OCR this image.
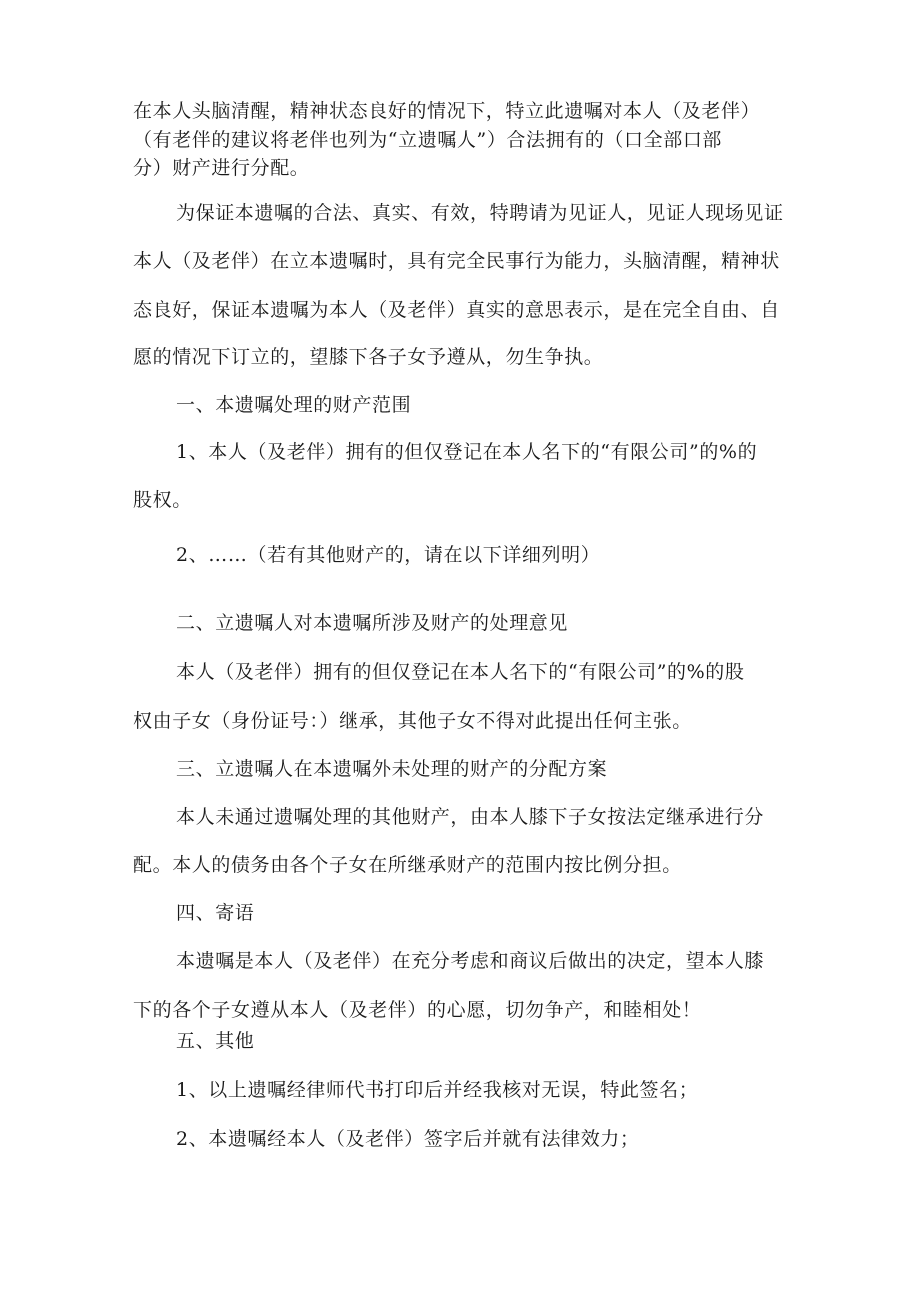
在本人头脑清醒，精神状态良好的情况下，特立此遗嘱对本人（及老伴）
（有老伴的建议将老伴也列为“立遗嘱人”）合法拥有的（口全部口部
分）财产进行分配。
为保证本遗嘱的合法、真实、有效，特聘请为见证人，见证人现场见证
本人（及老伴）在立本遗嘱时，具有完全民事行为能力，头脑清醒，精神状
态良好，保证本遗嘱为本人（及老伴）真实的意思表示，是在完全自由、自
愿的情况下订立的，望膝下各子女予遵从，勿生争执。
一、本遗嘱处理的财产范围
1、本人（及老伴）拥有的但仅登记在本人名下的“有限公司”的%的
股权。
2、……（若有其他财产的，请在以下详细列明）
二、立遗嘱人对本遗嘱所涉及财产的处理意见
本人（及老伴）拥有的但仅登记在本人名下的“有限公司”的%的股
权由子女（身份证号：）继承，其他子女不得对此提出任何主张。
三、立遗嘱人在本遗嘱外未处理的财产的分配方案
本人未通过遗嘱处理的其他财产，由本人膝下子女按法定继承进行分
配。本人的债务由各个子女在所继承财产的范围内按比例分担。
四、寄语
本遗嘱是本人（及老伴）在充分考虑和商议后做出的决定，望本人膝
下的各个子女遵从本人（及老伴）的心愿，切勿争产，和睦相处！
五、其他
1、以上遗嘱经律师代书打印后并经我核对无误，特此签名；
2、本遗嘱经本人（及老伴）签字后并就有法律效力；
